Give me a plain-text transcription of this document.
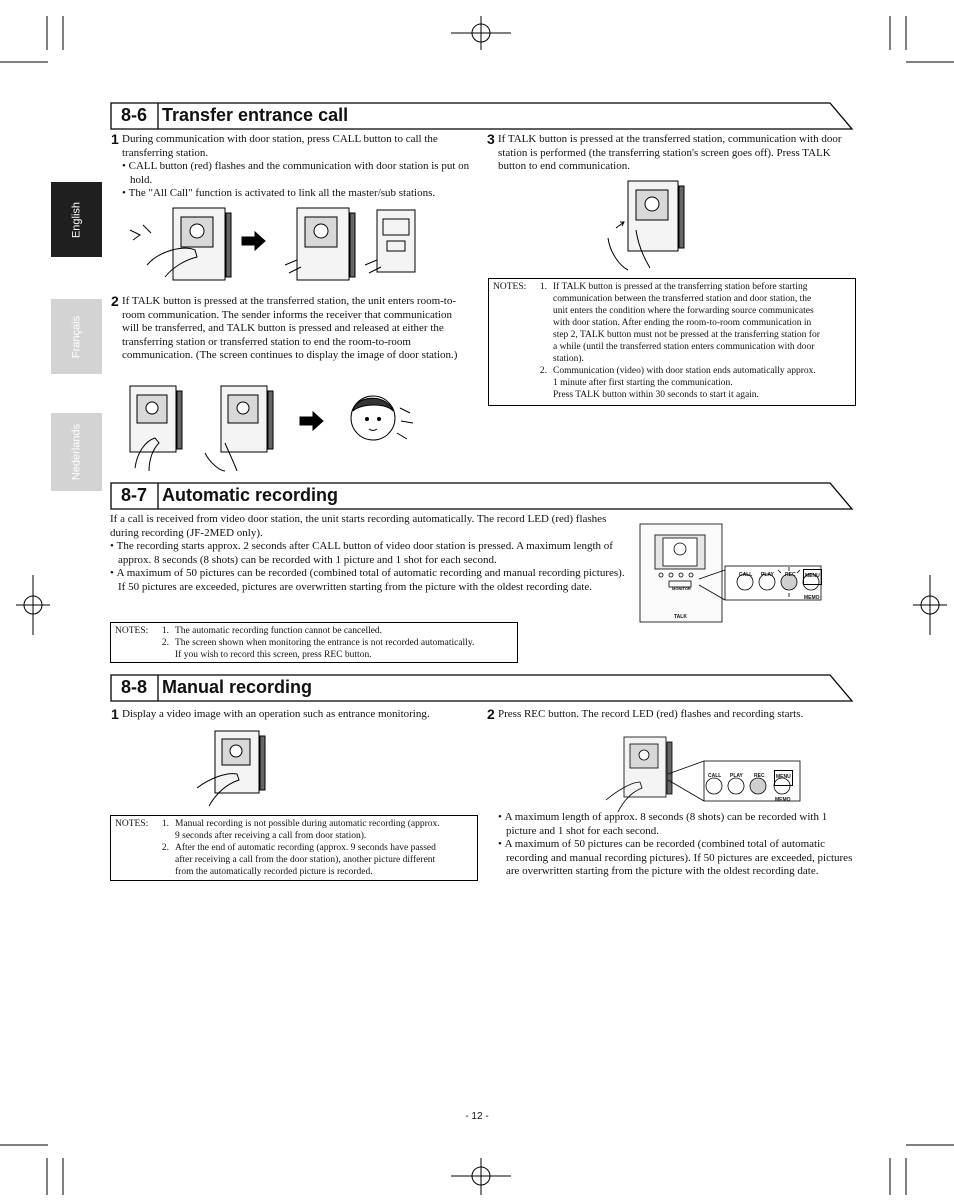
English
Français
Nederlands
8-6 Transfer entrance call
1 During communication with door station, press CALL button to call the transferring station.

• CALL button (red) flashes and the communication with door station is put on hold.
• The "All Call" function is activated to link all the master/sub stations.
2 If TALK button is pressed at the transferred station, the unit enters room-to-room communication. The sender informs the receiver that communication will be transferred, and TALK button is pressed and released at either the transferring station or transferred station to end the room-to-room communication. (The screen continues to display the image of door station.)

3 If TALK button is pressed at the transferred station, communication with door station is performed (the transferring station's screen goes off). Press TALK button to end communication.

NOTES:	1. If TALK button is pressed at the transferring station before starting
communication between the transferred station and door station, the
unit enters the condition where the forwarding source communicates
with door station. After ending the room-to-room communication in
step 2, TALK button must not be pressed at the transferring station for
a while (until the transferred station enters communication with door
station).
2. Communication (video) with door station ends automatically approx.
1 minute after first starting the communication.
Press TALK button within 30 seconds to start it again.
8-7 Automatic recording

If a call is received from video door station, the unit starts recording automatically. The record LED (red) flashes during recording (JF-2MED only).

• The recording starts approx. 2 seconds after CALL button of video door station is pressed. A maximum length of approx. 8 seconds (8 shots) can be recorded with 1 picture and 1 shot for each second.
• A maximum of 50 pictures can be recorded (combined total of automatic recording and manual recording pictures). If 50 pictures are exceeded, pictures are overwritten starting from the picture with the oldest recording date.
CALL PLAY REC	MENU
MEMO
MONITOR
TALK
NOTES:	1. The automatic recording function cannot be cancelled.
2. The screen shown when monitoring the entrance is not recorded automatically.
If you wish to record this screen, press REC button.
8-8 Manual recording
1 Display a video image with an operation such as entrance monitoring.

NOTES:	1. Manual recording is not possible during automatic recording (approx.
9 seconds after receiving a call from door station).
2. After the end of automatic recording (approx. 9 seconds have passed
after receiving a call from the door station), another picture different
from the automatically recorded picture is recorded.
2 Press REC button. The record LED (red) flashes and recording starts.

CALL PLAY REC	MENU
MEMO
• A maximum length of approx. 8 seconds (8 shots) can be recorded with 1 picture and 1 shot for each second.
• A maximum of 50 pictures can be recorded (combined total of automatic recording and manual recording pictures). If 50 pictures are exceeded, pictures are overwritten starting from the picture with the oldest recording date.
- 12 -
